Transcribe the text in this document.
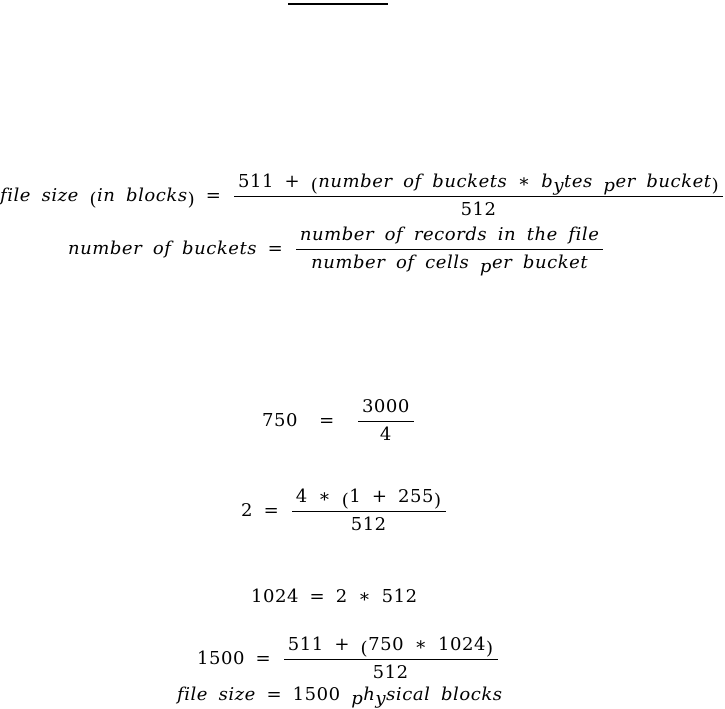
file size (in blocks) = $\frac{\text{511 + (number of buckets ∗ bytes per bucket)}}{512}$
number of buckets = $\frac{\text{number of records in the file}}{\text{number of cells per bucket}}$
$750 = \frac{3000}{4}$
$2 = \frac{4 ∗ (1 + 255)}{512}$
1024 = 2 ∗ 512
$1500 = \frac{511 + (750 ∗ 1024)}{512}$
file size = 1500 physical blocks
